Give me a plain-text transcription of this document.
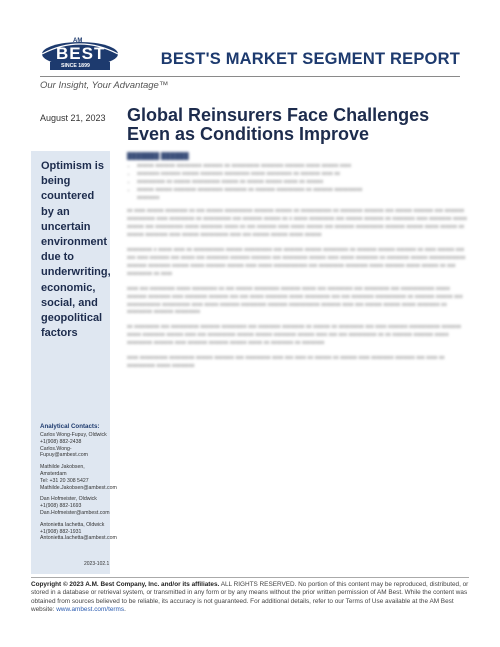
AM
BEST
SINCE 1899	BEST'S MARKET SEGMENT REPORT
Our Insight, Your Advantage™
August 21, 2023 Global Reinsurers Face Challenges Even as Conditions Improve
Optimism is being countered by an uncertain environment due to underwriting, economic, social, and geopolitical factors
Analytical Contacts:
Carlos Wong-Fupuy, Oldwick
+1(908) 882-2438
Carlos.Wong-Fupuy@ambest.com
Mathilde Jakobsen, Amsterdam
Tel: +31 20 308 5427
Mathilde.Jakobsen@ambest.com
Dan Hofmeister, Oldwick
+1(908) 882-1693
Dan.Hofmeister@ambest.com
Antonietta Iachetta, Oldwick
+1(908) 882-1931
Antonietta.Iachetta@ambest.com
2023-102.1
███████ ██████
• xxxxxx xxxxxxx xxxxxxxxx xxxxxxx xx xxxxxxxxxx xxxxxxxx xxxxxxx xxxxx xxxxxx xxxx
• xxxxxxxx xxxxxxx xxxxxx xxxxxxxx xxxxxxxxx xxxxx xxxxxxxxx xx xxxxxxx xxxx xx
• xxxxxxxxxx xx xxxxxx xxxxxxxxxx xxxxxx xx xxxxxx xxxxxx xxxxx xx xxxxxx
• xxxxxx xxxxxx xxxxxxxx xxxxxxxxx xxxxxxxx xx xxxxxxx xxxxxxxxxx xx xxxxxxx xxxxxxxxxx
xxxxxxxx

xx xxxx xxxxxx xxxxxxxx xx xxx xxxxxx xxxxxxxxxx xxxxxxx xxxxxx xx xxxxxxxxxxx xx xxxxxxxx xxxxxxx xxx xxxxxx xxxxxxx xxx xxxxxxx xxxxxxxxxx xxxx xxxxxxxxx xx xxxxxxxxxx xxx xxxxxxx xxxxxx xx x xxxxx xxxxxxxxx xxx xxxxxx xxxxxxx xx xxxxxxxx xxxx xxxxxxxx xxxxx xxxxxx xxx xxxxxxxxxx xxxxx xxxxxxxx xxxxx xx xxx xxxxxxx xxxx xxxxx xxxxxx xxx xxxxxxx xxxxxxxxxx xxxxxxx xxxxxx xxxxx xxxxxx xx xxxxxx xxxxxxxx xxxx xxxxxx xxxxxxxxxx xxxx xxx xxxxxx xxxxxx xxxxx xxxxxx

xxxxxxxxx x xxxxx xxxx xx xxxxxxxxxxx xxxxxx xxxxxxxxxx xxx xxxxxxx xxxxxx xxxxxxxxx xx xxxxxxx xxxxxx xxxxxxx xx xxxx xxxxxx xxx xxx xxxx xxxxxxx xxx xxxxx xxx xxxxxxxx xxxxxxx xxxxxxx xxx xxxxxxxxx xxxxxx xxxx xxxxx xxxxxxxx xx xxxxxxxx xxxxxx xxxxxxxxxxxxx xxxxxxx xxxxxxxx xxxxxx xxxxx xxxxxxx xxxxxx xxxx xxxxx xxxxxxxxxxxx xxx xxxxxxxxx xxxxxxxx xxxxx xxxxxxx xxxxx xxxxxx xx xxx xxxxxxxxx xx xxxx

xxxx xxx xxxxxxxxx xxxxx xxxxxxxxx xx xxx xxxxxx xxxxxxxxx xxxxxxx xxxxx xxx xxxxxxxxx xxx xxxxxxxxx xxx xxxxxxxxxxxx xxxxx xxxxxxx xxxxxxxx xxxx xxxxxxxx xxxxxxx xxx xxx xxxxx xxxxxxxx xxxxx xxxxxxxxx xxx xxx xxxxxxxx xxxxxxxxxxx xx xxxxxxx xxxxxx xxx xxxxxxxxxxxx xxxxxxxxxx xxxx xxxxx xxxxxxx xxxxxxxxx xxxxxxx xxxxxxxxxxx xxxxxxx xxxx xxx xxxxxx xxxxxx xxxxx xxxxxxxx xx xxxxxxxxx xxxxxxx xxxxxxxxx

xx xxxxxxxxx xxx xxxxxxxxxx xxxxxxx xxxxxxxxx xxx xxxxxxxx xxxxxxxx xx xxxxxx xx xxxxxxxxx xxx xxxx xxxxxxx xxxxxxxxxxx xxxxxxx xxxxx xxxxxxxx xxxxxx xxxx xxx xxxxxxxxxx xxxxxx xxxxxx xxxxxxxx xxxxxx xxxx xxx xxx xxxxxxxxxx xx xx xxxxxxx xxxxxxx xxxxx xxxxxxxxx xxxxxxx xxxx xxxxxxx xxxxxxx xxxxxx xxxxx xx xxxxxxxx xx xxxxxxxx

xxxx xxxxxxxxxx xxxxxxxxx xxxxxx xxxxxxx xxx xxxxxxxxx xxxx xxx xxxx xx xxxxxx xx xxxxxx xxxx xxxxxxxx xxxxxxx xxx xxxx xx xxxxxxxxxx xxxxx xxxxxxxx

Copyright © 2023 A.M. Best Company, Inc. and/or its affiliates. ALL RIGHTS RESERVED. No portion of this content may be reproduced, distributed, or stored in a database or retrieval system, or transmitted in any form or by any means without the prior written permission of AM Best. While the content was obtained from sources believed to be reliable, its accuracy is not guaranteed. For additional details, refer to our Terms of Use available at the AM Best website: www.ambest.com/terms.
